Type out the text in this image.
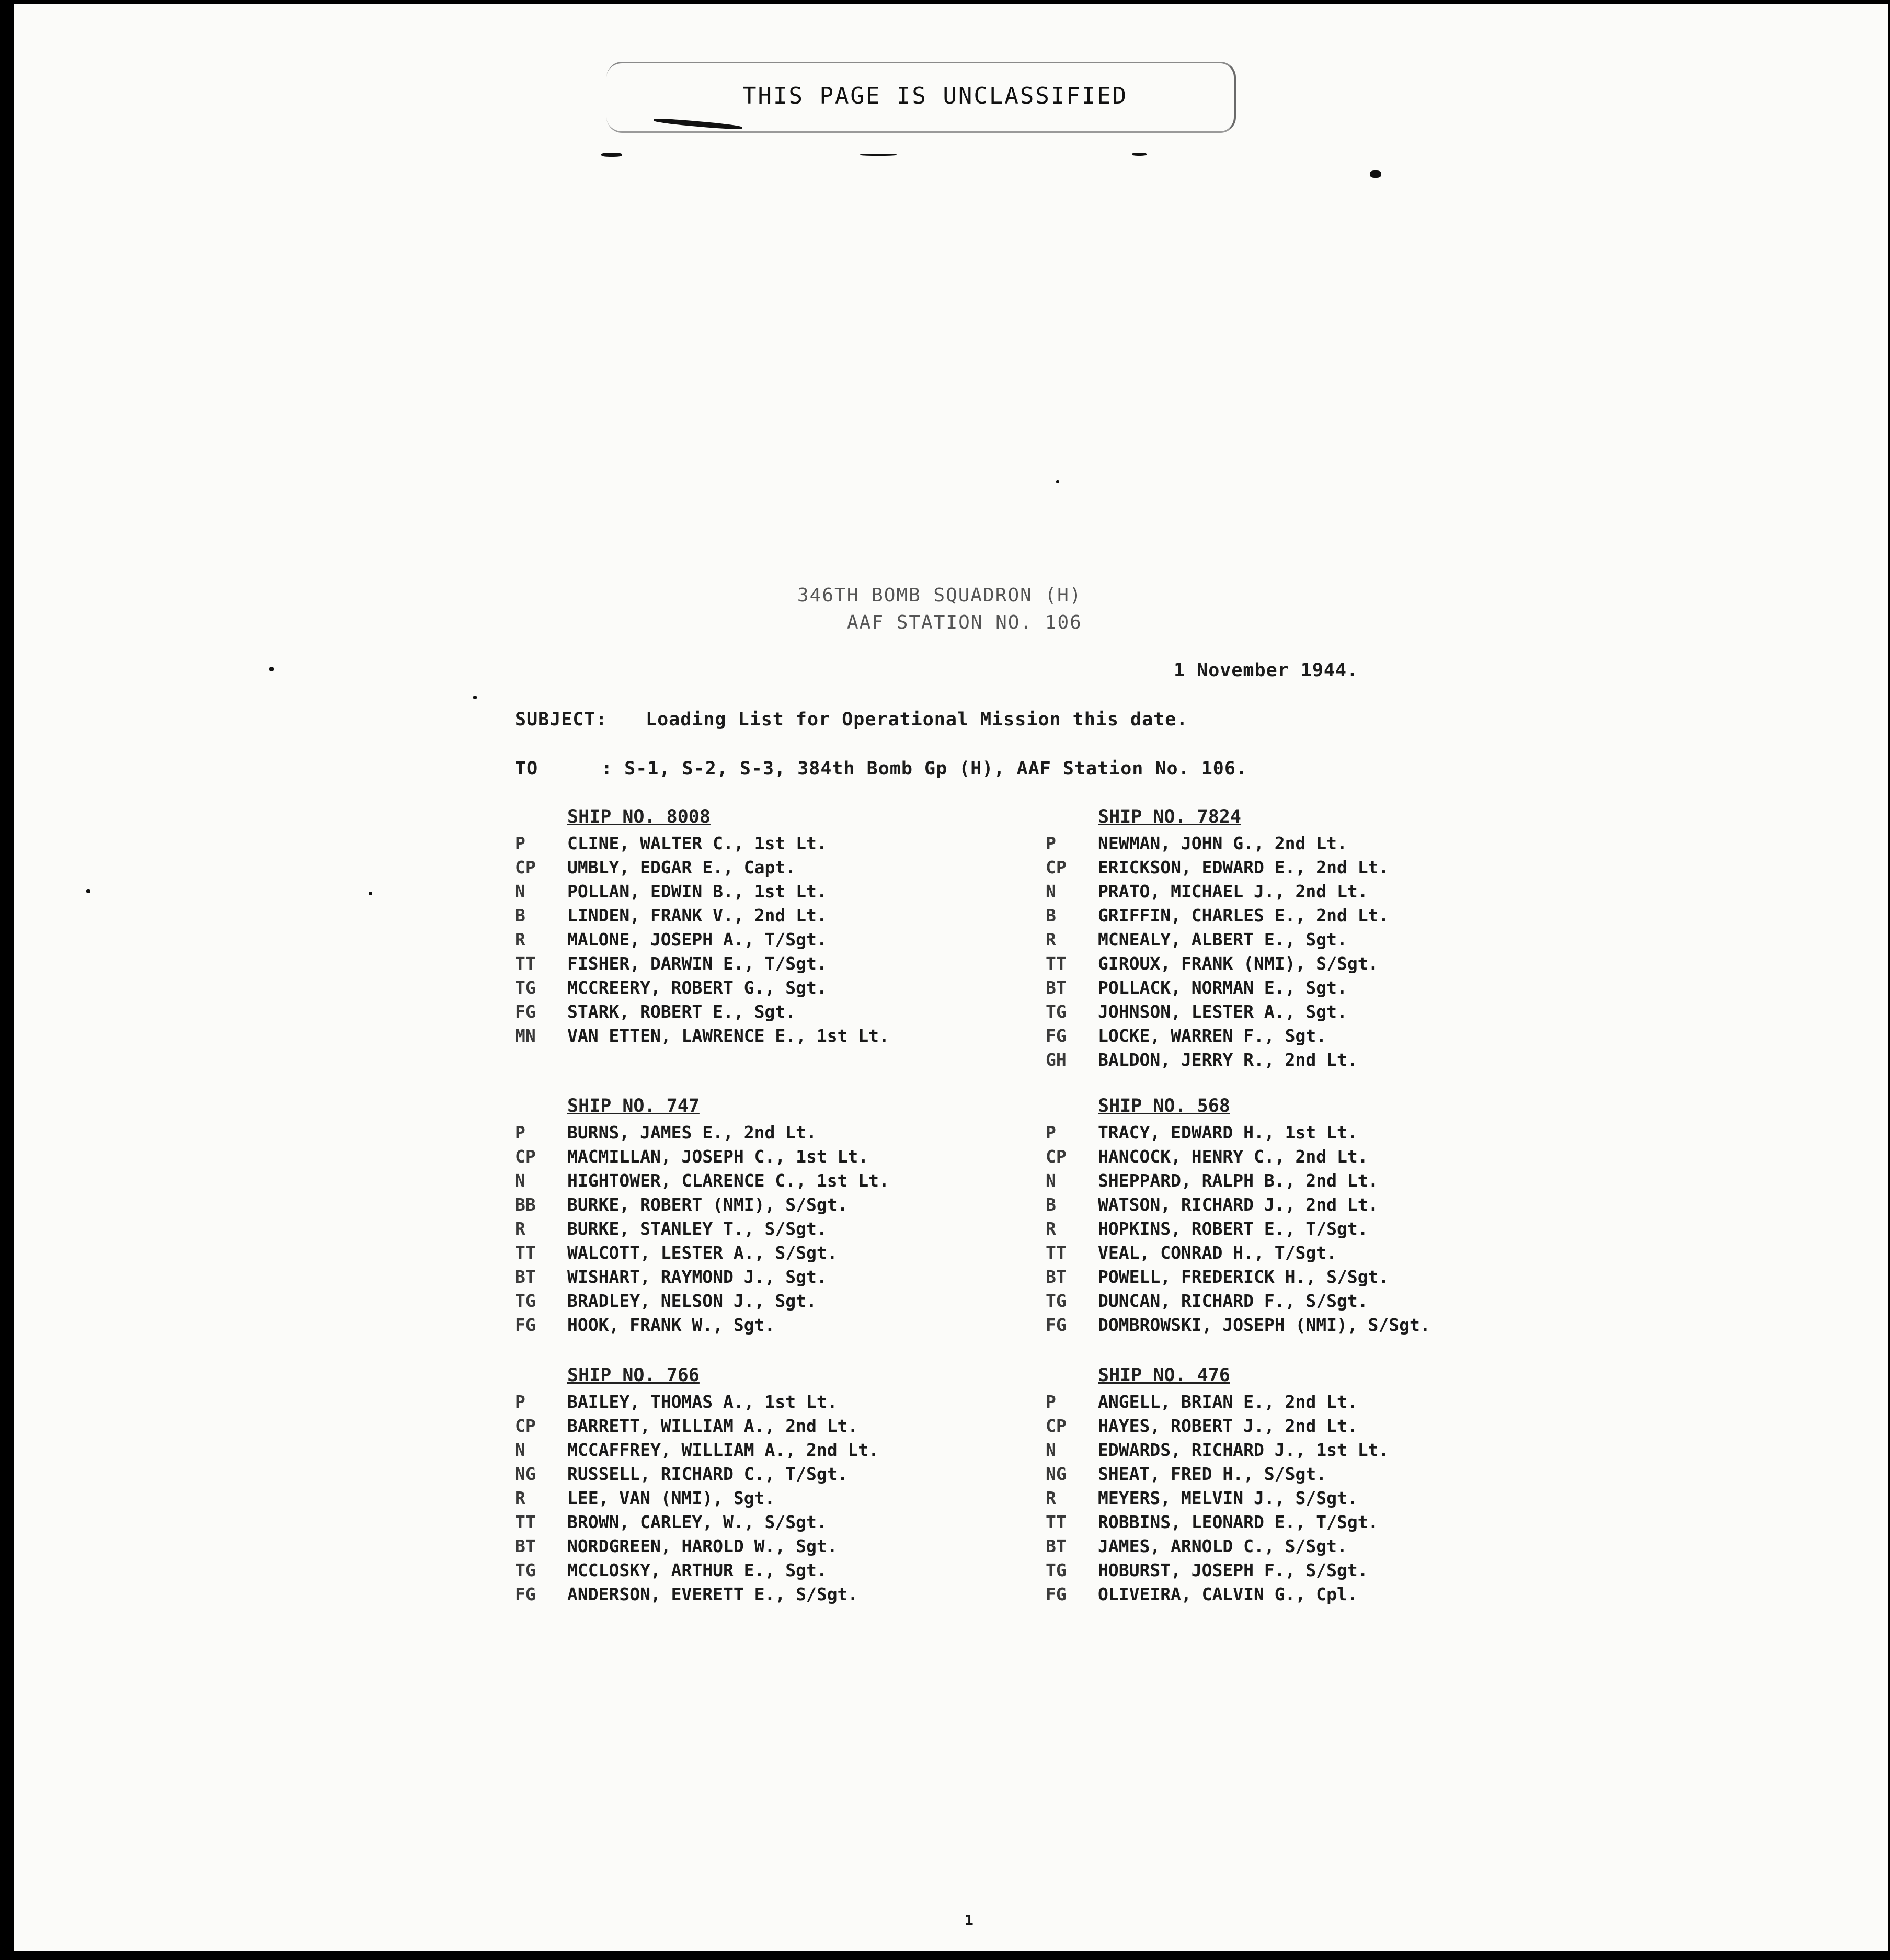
THIS PAGE IS UNCLASSIFIED
346TH BOMB SQUADRON (H)
AAF STATION NO. 106
1 November 1944.
SUBJECT: Loading List for Operational Mission this date.
TO	: S-1, S-2, S-3, 384th Bomb Gp (H), AAF Station No. 106.
SHIP NO. 8008
P CLINE, WALTER C., 1st Lt.
CP UMBLY, EDGAR E., Capt.
N POLLAN, EDWIN B., 1st Lt.
B LINDEN, FRANK V., 2nd Lt.
R MALONE, JOSEPH A., T/Sgt.
TT FISHER, DARWIN E., T/Sgt.
TG MCCREERY, ROBERT G., Sgt.
FG STARK, ROBERT E., Sgt.
MN VAN ETTEN, LAWRENCE E., 1st Lt.
SHIP NO. 7824
P NEWMAN, JOHN G., 2nd Lt.
CP ERICKSON, EDWARD E., 2nd Lt.
N PRATO, MICHAEL J., 2nd Lt.
B GRIFFIN, CHARLES E., 2nd Lt.
R MCNEALY, ALBERT E., Sgt.
TT GIROUX, FRANK (NMI), S/Sgt.
BT POLLACK, NORMAN E., Sgt.
TG JOHNSON, LESTER A., Sgt.
FG LOCKE, WARREN F., Sgt.
GH BALDON, JERRY R., 2nd Lt.
SHIP NO. 747
P BURNS, JAMES E., 2nd Lt.
CP MACMILLAN, JOSEPH C., 1st Lt.
N HIGHTOWER, CLARENCE C., 1st Lt.
BB BURKE, ROBERT (NMI), S/Sgt.
R BURKE, STANLEY T., S/Sgt.
TT WALCOTT, LESTER A., S/Sgt.
BT WISHART, RAYMOND J., Sgt.
TG BRADLEY, NELSON J., Sgt.
FG HOOK, FRANK W., Sgt.
SHIP NO. 568
P TRACY, EDWARD H., 1st Lt.
CP HANCOCK, HENRY C., 2nd Lt.
N SHEPPARD, RALPH B., 2nd Lt.
B WATSON, RICHARD J., 2nd Lt.
R HOPKINS, ROBERT E., T/Sgt.
TT VEAL, CONRAD H., T/Sgt.
BT POWELL, FREDERICK H., S/Sgt.
TG DUNCAN, RICHARD F., S/Sgt.
FG DOMBROWSKI, JOSEPH (NMI), S/Sgt.
SHIP NO. 766
P BAILEY, THOMAS A., 1st Lt.
CP BARRETT, WILLIAM A., 2nd Lt.
N MCCAFFREY, WILLIAM A., 2nd Lt.
NG RUSSELL, RICHARD C., T/Sgt.
R LEE, VAN (NMI), Sgt.
TT BROWN, CARLEY, W., S/Sgt.
BT NORDGREEN, HAROLD W., Sgt.
TG MCCLOSKY, ARTHUR E., Sgt.
FG ANDERSON, EVERETT E., S/Sgt.
SHIP NO. 476
P ANGELL, BRIAN E., 2nd Lt.
CP HAYES, ROBERT J., 2nd Lt.
N EDWARDS, RICHARD J., 1st Lt.
NG SHEAT, FRED H., S/Sgt.
R MEYERS, MELVIN J., S/Sgt.
TT ROBBINS, LEONARD E., T/Sgt.
BT JAMES, ARNOLD C., S/Sgt.
TG HOBURST, JOSEPH F., S/Sgt.
FG OLIVEIRA, CALVIN G., Cpl.
1
